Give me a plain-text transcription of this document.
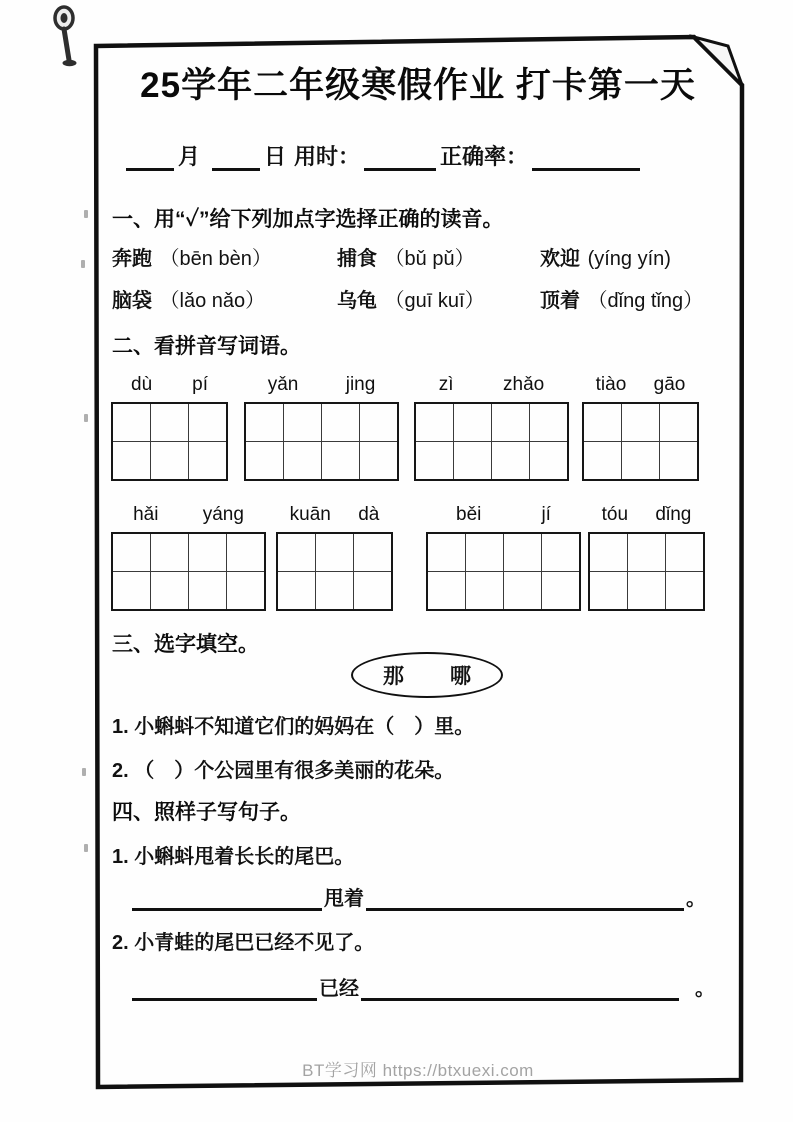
25学年二年级寒假作业 打卡第一天
月	日 用时：	正确率：
一、用“✓”给下列加点字选择正确的读音。
奔跑 （bēn bèn）	捕食 （bǔ pǔ）	欢迎 (yíng yín)
脑袋 （lǎo nǎo）	乌龟 （guī kuī）	顶着 （dǐng tǐng）
二、看拼音写词语。
dù pí	yǎn jing	zì	zhǎo	tiào gāo
hǎi yáng kuān dà	běi	jí	tóu dǐng
三、选字填空。
那 哪
1. 小蝌蚪不知道它们的妈妈在（　）里。
2. （　）个公园里有很多美丽的花朵。
四、照样子写句子。
1. 小蝌蚪甩着长长的尾巴。
甩着	。
2. 小青蛙的尾巴已经不见了。
已经	。
BT学习网 https://btxuexi.com
